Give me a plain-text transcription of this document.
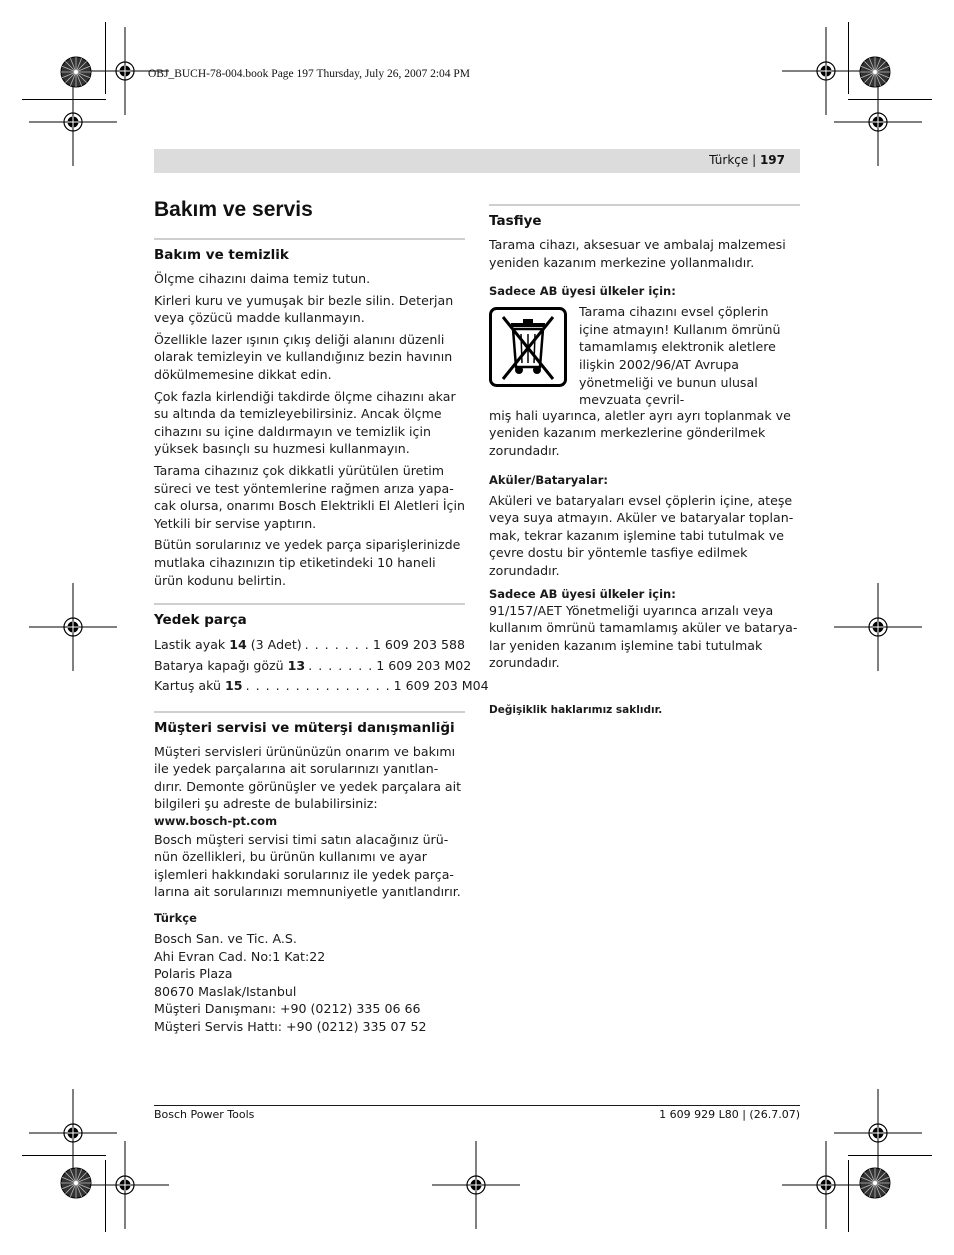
OBJ_BUCH-78-004.book Page 197 Thursday, July 26, 2007 2:04 PM
Türkçe | 197
Bakım ve servis
Bakım ve temizlik

Ölçme cihazını daima temiz tutun.

Kirleri kuru ve yumuşak bir bezle silin. Deterjan veya çözücü madde kullanmayın.

Özellikle lazer ışının çıkış deliği alanını düzenli olarak temizleyin ve kullandığınız bezin havının dökülmemesine dikkat edin.

Çok fazla kirlendiği takdirde ölçme cihazını akar su altında da temizleyebilirsiniz. Ancak ölçme cihazını su içine daldırmayın ve temizlik için yüksek basınçlı su huzmesi kullanmayın.

Tarama cihazınız çok dikkatli yürütülen üretim süreci ve test yöntemlerine rağmen arıza yapa-cak olursa, onarımı Bosch Elektrikli El Aletleri İçin Yetkili bir servise yaptırın.

Bütün sorularınız ve yedek parça siparişlerinizde mutlaka cihazınızın tip etiketindeki 10 haneli ürün kodunu belirtin.

Yedek parça
Lastik ayak 14 (3 Adet) . . . . . . . 1 609 203 588
Batarya kapağı gözü 13 . . . . . . . 1 609 203 M02
Kartuş akü 15 . . . . . . . . . . . . . . . 1 609 203 M04
Müşteri servisi ve müterşi danışmanliği

Müşteri servisleri ürününüzün onarım ve bakımı ile yedek parçalarına ait sorularınızı yanıtlan-dırır. Demonte görünüşler ve yedek parçalara ait bilgileri şu adreste de bulabilirsiniz:

www.bosch-pt.com

Bosch müşteri servisi timi satın alacağınız ürü-nün özellikleri, bu ürünün kullanımı ve ayar işlemleri hakkındaki sorularınız ile yedek parça-larına ait sorularınızı memnuniyetle yanıtlandırır.

Türkçe

Bosch San. ve Tic. A.S.

Ahi Evran Cad. No:1 Kat:22

Polaris Plaza

80670 Maslak/Istanbul

Müşteri Danışmanı: +90 (0212) 335 06 66

Müşteri Servis Hattı: +90 (0212) 335 07 52

Tasfiye

Tarama cihazı, aksesuar ve ambalaj malzemesi yeniden kazanım merkezine yollanmalıdır.

Sadece AB üyesi ülkeler için:

Tarama cihazını evsel çöplerin içine atmayın! Kullanım ömrünü tamamlamış elektronik aletlere ilişkin 2002/96/AT Avrupa yönetmeliği ve bunun ulusal mevzuata çevril-

miş hali uyarınca, aletler ayrı ayrı toplanmak ve yeniden kazanım merkezlerine gönderilmek zorundadır.

Aküler/Bataryalar:

Aküleri ve bataryaları evsel çöplerin içine, ateşe veya suya atmayın. Aküler ve bataryalar toplan-mak, tekrar kazanım işlemine tabi tutulmak ve çevre dostu bir yöntemle tasfiye edilmek zorundadır.

Sadece AB üyesi ülkeler için:

91/157/AET Yönetmeliği uyarınca arızalı veya kullanım ömrünü tamamlamış aküler ve batarya-lar yeniden kazanım işlemine tabi tutulmak zorundadır.

Değişiklik haklarımız saklıdır.
Bosch Power Tools	1 609 929 L80 | (26.7.07)
